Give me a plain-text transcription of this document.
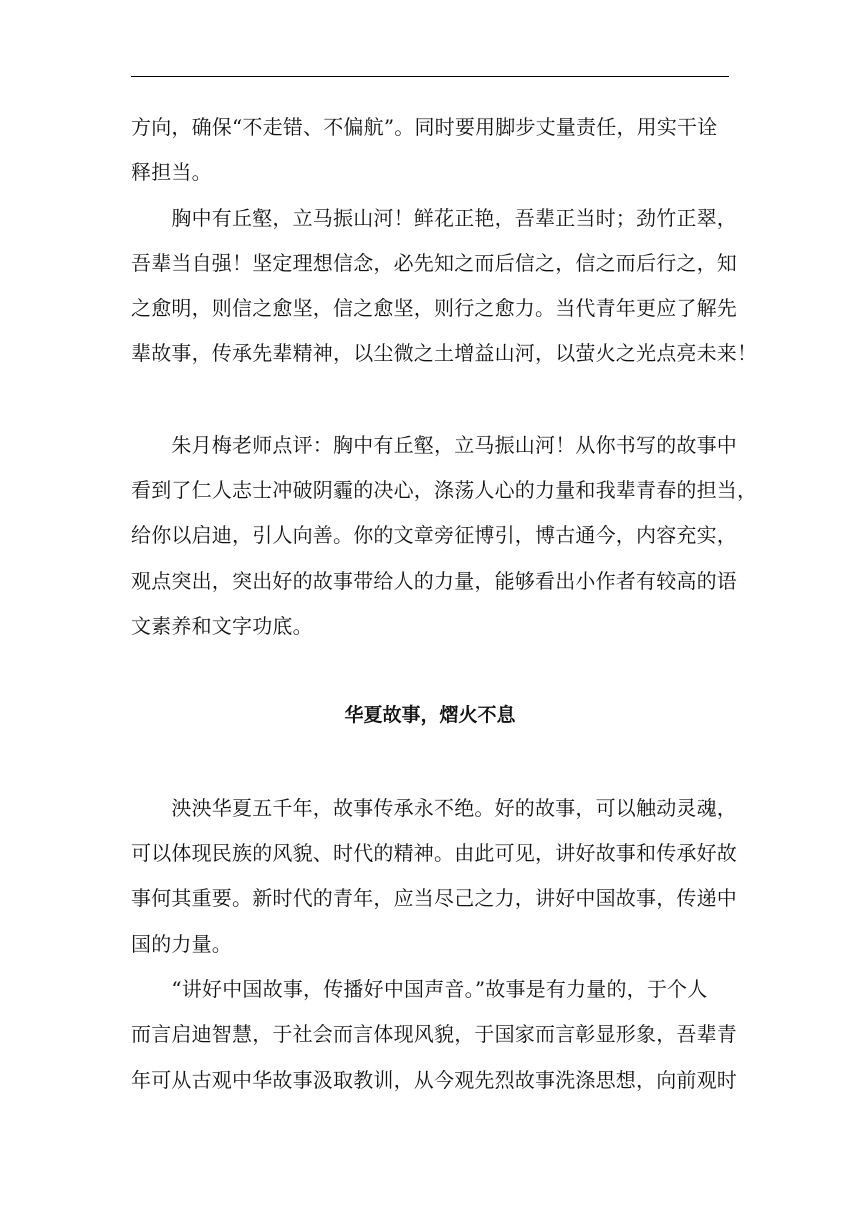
方向，确保“不走错、不偏航”。同时要用脚步丈量责任，用实干诠
释担当。
　　胸中有丘壑，立马振山河！鲜花正艳，吾辈正当时；劲竹正翠，
吾辈当自强！坚定理想信念，必先知之而后信之，信之而后行之，知
之愈明，则信之愈坚，信之愈坚，则行之愈力。当代青年更应了解先
辈故事，传承先辈精神，以尘微之土增益山河，以萤火之光点亮未来！
　　朱月梅老师点评：胸中有丘壑，立马振山河！从你书写的故事中
看到了仁人志士冲破阴霾的决心，涤荡人心的力量和我辈青春的担当，
给你以启迪，引人向善。你的文章旁征博引，博古通今，内容充实，
观点突出，突出好的故事带给人的力量，能够看出小作者有较高的语
文素养和文字功底。
华夏故事，熠火不息
　　泱泱华夏五千年，故事传承永不绝。好的故事，可以触动灵魂，
可以体现民族的风貌、时代的精神。由此可见，讲好故事和传承好故
事何其重要。新时代的青年，应当尽己之力，讲好中国故事，传递中
国的力量。
　　“讲好中国故事，传播好中国声音。”故事是有力量的，于个人
而言启迪智慧，于社会而言体现风貌，于国家而言彰显形象，吾辈青
年可从古观中华故事汲取教训，从今观先烈故事洗涤思想，向前观时
